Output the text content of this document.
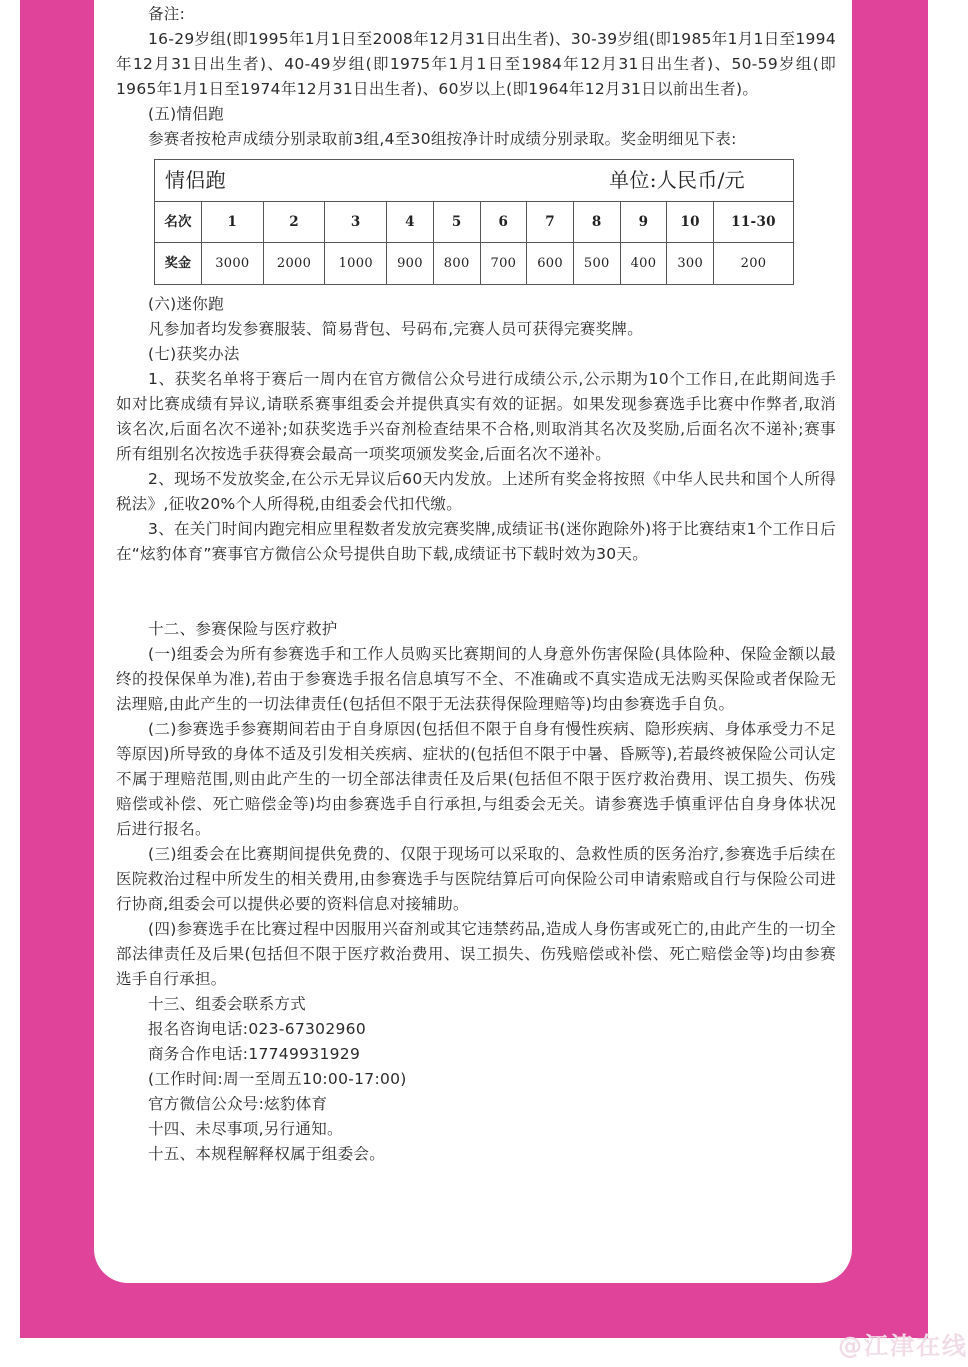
备注:

16-29岁组(即1995年1月1日至2008年12月31日出生者)、30-39岁组(即1985年1月1日至1994年12月31日出生者)、40-49岁组(即1975年1月1日至1984年12月31日出生者)、50-59岁组(即1965年1月1日至1974年12月31日出生者)、60岁以上(即1964年12月31日以前出生者)。

(五)情侣跑

参赛者按枪声成绩分别录取前3组,4至30组按净计时成绩分别录取。奖金明细见下表:

情侣跑 单位:人民币/元											

名次	1	2	3	4	5	6	7	8	9	10	11-30
奖金	3000	2000	1000	900	800	700	600	500	400	300	200

(六)迷你跑

凡参加者均发参赛服装、简易背包、号码布,完赛人员可获得完赛奖牌。

(七)获奖办法

1、获奖名单将于赛后一周内在官方微信公众号进行成绩公示,公示期为10个工作日,在此期间选手如对比赛成绩有异议,请联系赛事组委会并提供真实有效的证据。如果发现参赛选手比赛中作弊者,取消该名次,后面名次不递补;如获奖选手兴奋剂检查结果不合格,则取消其名次及奖励,后面名次不递补;赛事所有组别名次按选手获得赛会最高一项奖项颁发奖金,后面名次不递补。

2、现场不发放奖金,在公示无异议后60天内发放。上述所有奖金将按照《中华人民共和国个人所得税法》,征收20%个人所得税,由组委会代扣代缴。

3、在关门时间内跑完相应里程数者发放完赛奖牌,成绩证书(迷你跑除外)将于比赛结束1个工作日后在“炫豹体育”赛事官方微信公众号提供自助下载,成绩证书下载时效为30天。

十二、参赛保险与医疗救护

(一)组委会为所有参赛选手和工作人员购买比赛期间的人身意外伤害保险(具体险种、保险金额以最终的投保保单为准),若由于参赛选手报名信息填写不全、不准确或不真实造成无法购买保险或者保险无法理赔,由此产生的一切法律责任(包括但不限于无法获得保险理赔等)均由参赛选手自负。

(二)参赛选手参赛期间若由于自身原因(包括但不限于自身有慢性疾病、隐形疾病、身体承受力不足等原因)所导致的身体不适及引发相关疾病、症状的(包括但不限于中暑、昏厥等),若最终被保险公司认定不属于理赔范围,则由此产生的一切全部法律责任及后果(包括但不限于医疗救治费用、误工损失、伤残赔偿或补偿、死亡赔偿金等)均由参赛选手自行承担,与组委会无关。请参赛选手慎重评估自身身体状况后进行报名。

(三)组委会在比赛期间提供免费的、仅限于现场可以采取的、急救性质的医务治疗,参赛选手后续在医院救治过程中所发生的相关费用,由参赛选手与医院结算后可向保险公司申请索赔或自行与保险公司进行协商,组委会可以提供必要的资料信息对接辅助。

(四)参赛选手在比赛过程中因服用兴奋剂或其它违禁药品,造成人身伤害或死亡的,由此产生的一切全部法律责任及后果(包括但不限于医疗救治费用、误工损失、伤残赔偿或补偿、死亡赔偿金等)均由参赛选手自行承担。

十三、组委会联系方式

报名咨询电话:023-67302960

商务合作电话:17749931929

(工作时间:周一至周五10:00-17:00)

官方微信公众号:炫豹体育

十四、未尽事项,另行通知。

十五、本规程解释权属于组委会。

@江津在线
